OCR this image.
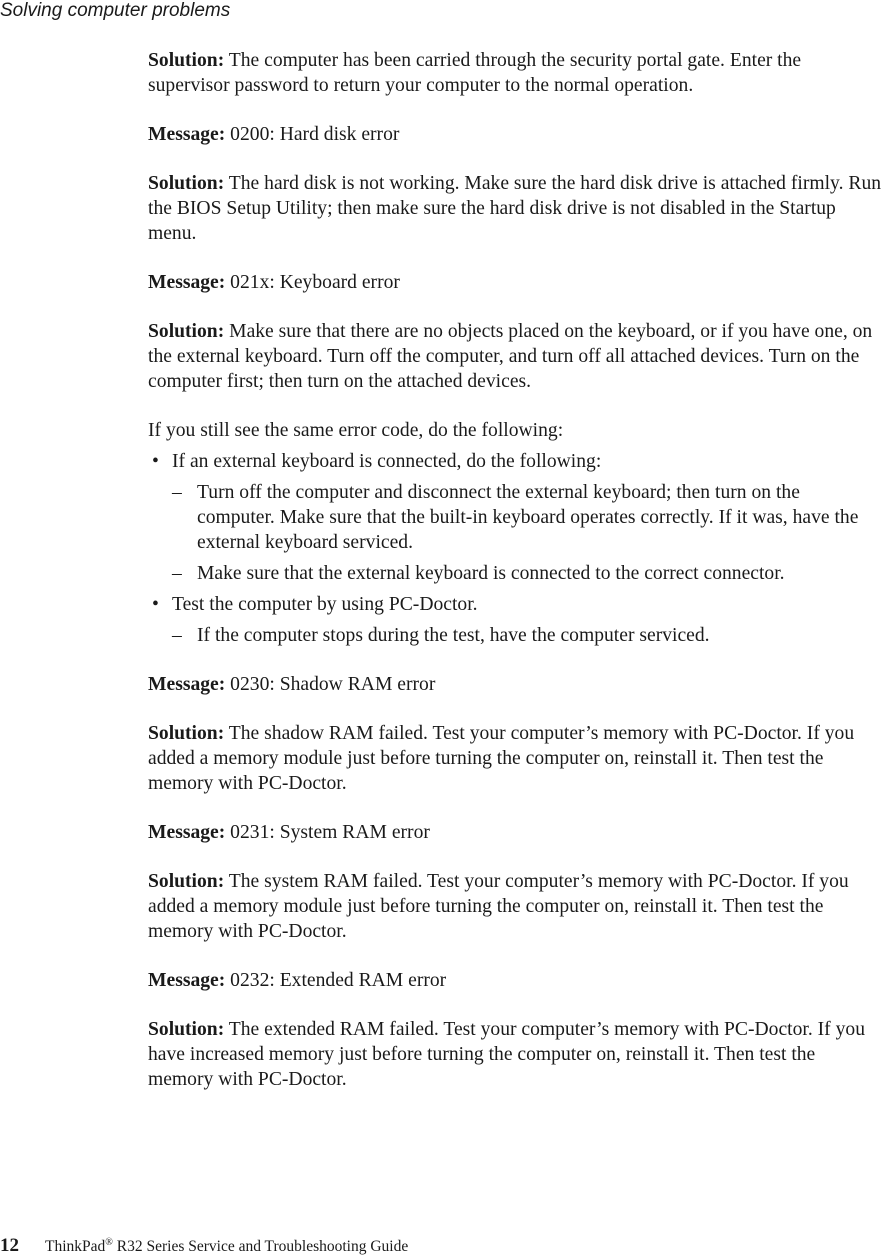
Solving computer problems

Solution: The computer has been carried through the security portal gate. Enter the supervisor password to return your computer to the normal operation.

Message: 0200: Hard disk error

Solution: The hard disk is not working. Make sure the hard disk drive is attached firmly. Run the BIOS Setup Utility; then make sure the hard disk drive is not disabled in the Startup menu.

Message: 021x: Keyboard error

Solution: Make sure that there are no objects placed on the keyboard, or if you have one, on the external keyboard. Turn off the computer, and turn off all attached devices. Turn on the computer first; then turn on the attached devices.

If you still see the same error code, do the following:

• If an external keyboard is connected, do the following:
– Turn off the computer and disconnect the external keyboard; then turn on the computer. Make sure that the built-in keyboard operates correctly. If it was, have the external keyboard serviced.
– Make sure that the external keyboard is connected to the correct connector.
• Test the computer by using PC-Doctor.
– If the computer stops during the test, have the computer serviced.

Message: 0230: Shadow RAM error

Solution: The shadow RAM failed. Test your computer’s memory with PC-Doctor. If you added a memory module just before turning the computer on, reinstall it. Then test the memory with PC-Doctor.

Message: 0231: System RAM error

Solution: The system RAM failed. Test your computer’s memory with PC-Doctor. If you added a memory module just before turning the computer on, reinstall it. Then test the memory with PC-Doctor.

Message: 0232: Extended RAM error

Solution: The extended RAM failed. Test your computer’s memory with PC-Doctor. If you have increased memory just before turning the computer on, reinstall it. Then test the memory with PC-Doctor.

12 ThinkPad® R32 Series Service and Troubleshooting Guide
